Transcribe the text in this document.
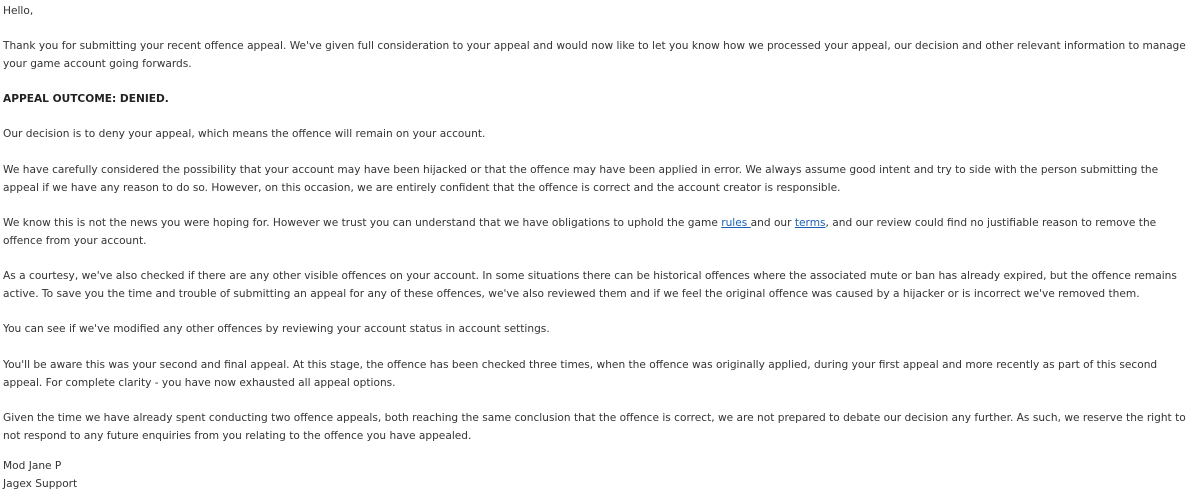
Hello,

Thank you for submitting your recent offence appeal. We've given full consideration to your appeal and would now like to let you know how we processed your appeal, our decision and other relevant information to manage your game account going forwards.

APPEAL OUTCOME: DENIED.

Our decision is to deny your appeal, which means the offence will remain on your account.

We have carefully considered the possibility that your account may have been hijacked or that the offence may have been applied in error. We always assume good intent and try to side with the person submitting the appeal if we have any reason to do so. However, on this occasion, we are entirely confident that the offence is correct and the account creator is responsible.

We know this is not the news you were hoping for. However we trust you can understand that we have obligations to uphold the game rules and our terms, and our review could find no justifiable reason to remove the offence from your account.

As a courtesy, we've also checked if there are any other visible offences on your account. In some situations there can be historical offences where the associated mute or ban has already expired, but the offence remains active. To save you the time and trouble of submitting an appeal for any of these offences, we've also reviewed them and if we feel the original offence was caused by a hijacker or is incorrect we've removed them.

You can see if we've modified any other offences by reviewing your account status in account settings.

You'll be aware this was your second and final appeal. At this stage, the offence has been checked three times, when the offence was originally applied, during your first appeal and more recently as part of this second appeal. For complete clarity - you have now exhausted all appeal options.

Given the time we have already spent conducting two offence appeals, both reaching the same conclusion that the offence is correct, we are not prepared to debate our decision any further. As such, we reserve the right to not respond to any future enquiries from you relating to the offence you have appealed.

Mod Jane P

Jagex Support
